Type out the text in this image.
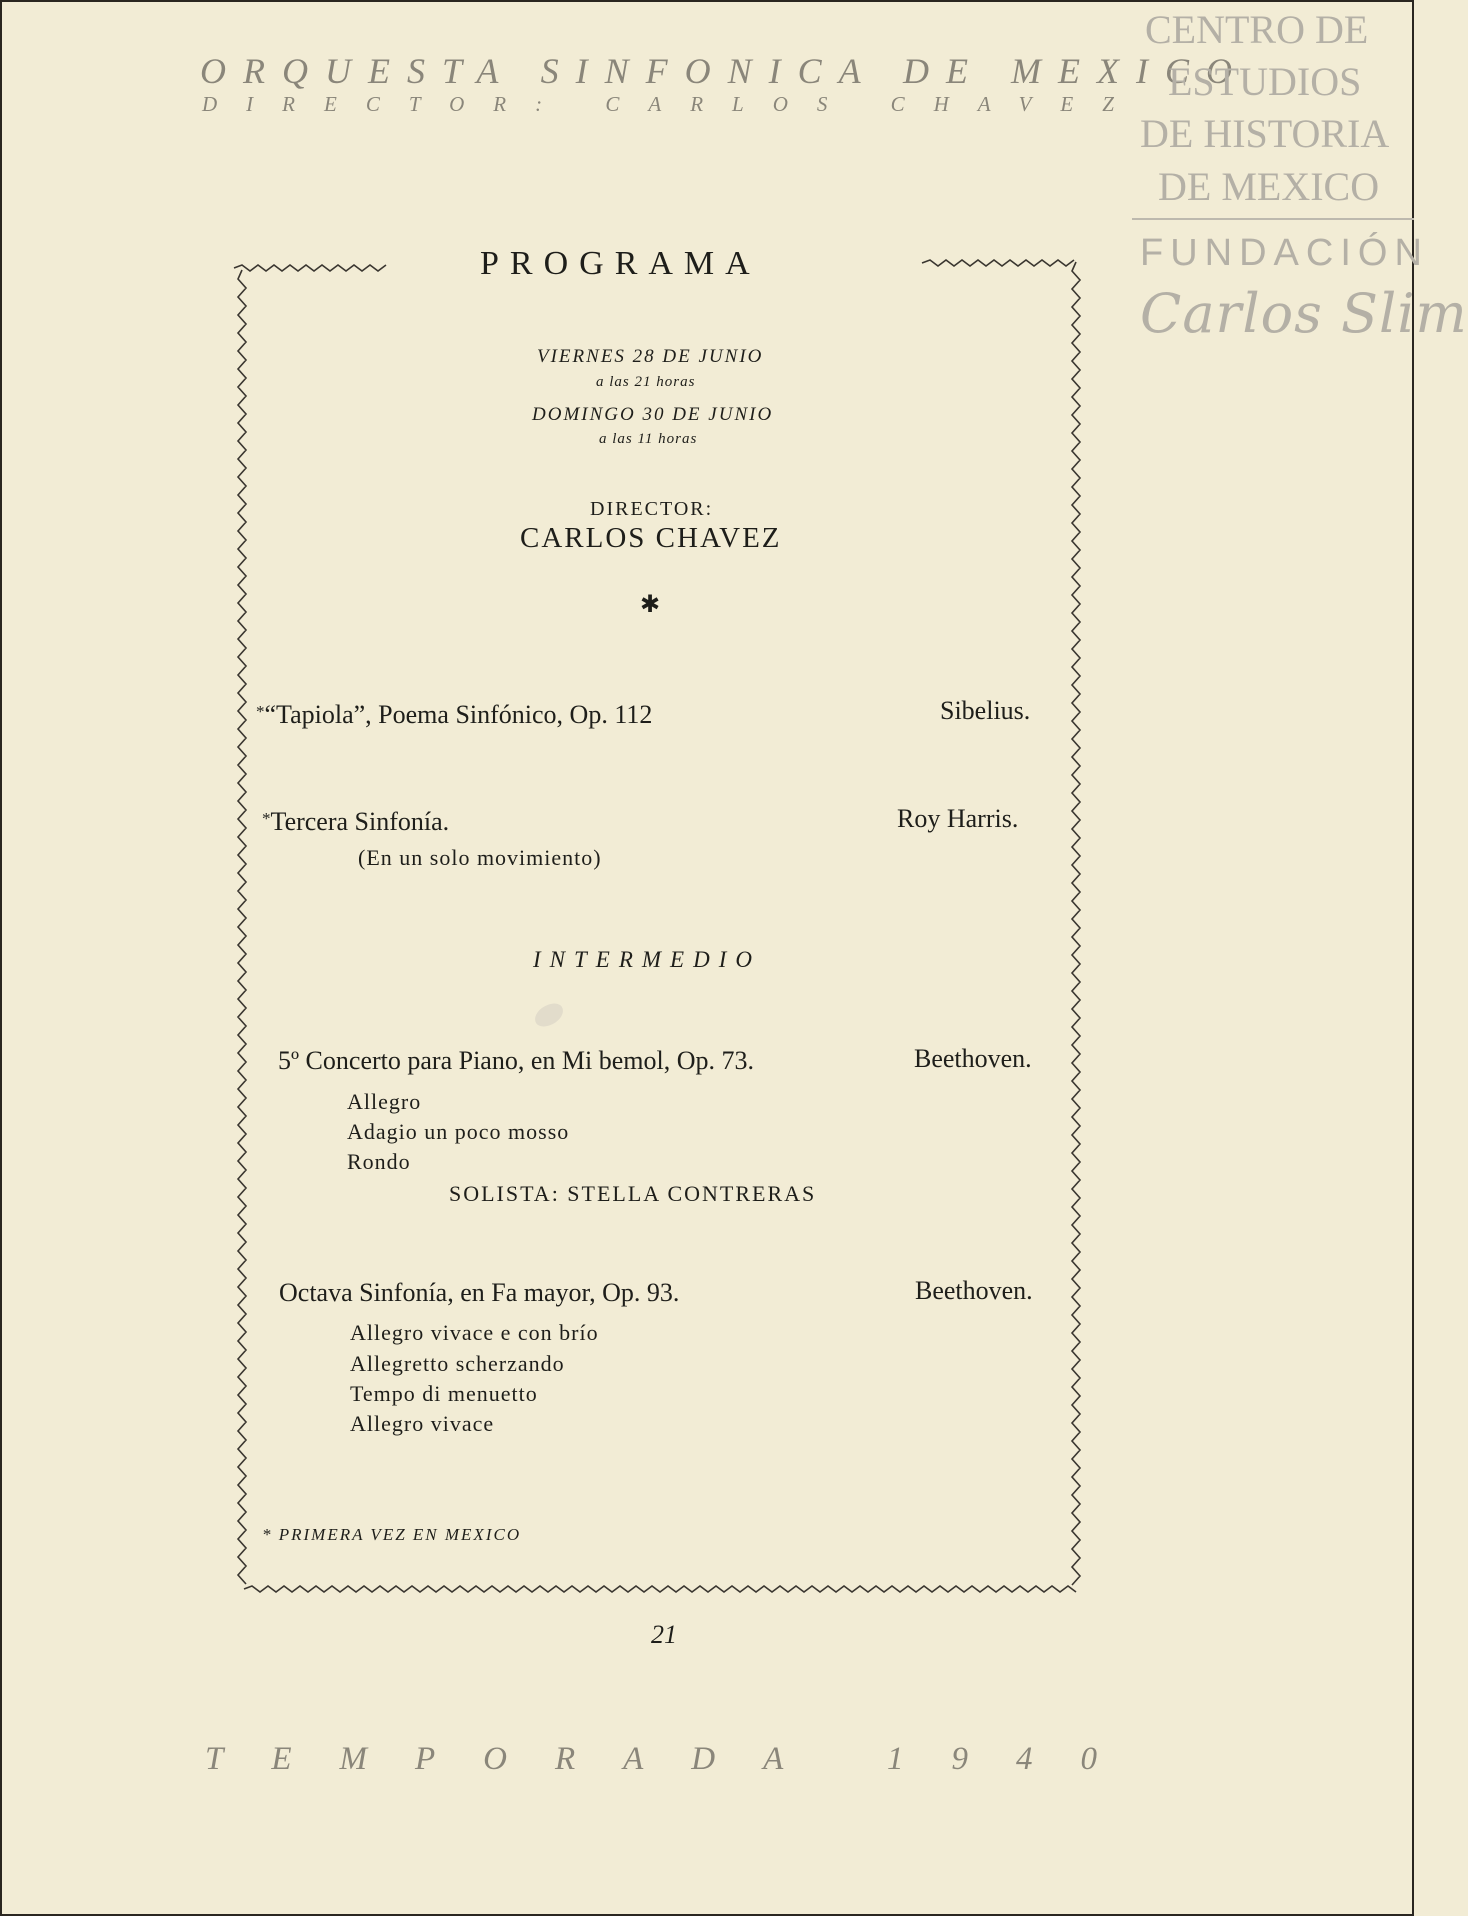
ORQUESTA SINFONICA DE MEXICO
DIRECTOR: CARLOS CHAVEZ
CENTRO DE
ESTUDIOS
DE HISTORIA
DE MEXICO
FUNDACIÓN
Carlos Slim
PROGRAMA
VIERNES 28 DE JUNIO
a las 21 horas
DOMINGO 30 DE JUNIO
a las 11 horas
DIRECTOR:
CARLOS CHAVEZ
✱
*“Tapiola”, Poema Sinfónico, Op. 112	Sibelius.
*Tercera Sinfonía.	Roy Harris.
(En un solo movimiento)
INTERMEDIO
5º Concerto para Piano, en Mi bemol, Op. 73.	Beethoven.
Allegro
Adagio un poco mosso
Rondo
SOLISTA: STELLA CONTRERAS
Octava Sinfonía, en Fa mayor, Op. 93.	Beethoven.
Allegro vivace e con brío
Allegretto scherzando
Tempo di menuetto
Allegro vivace
* PRIMERA VEZ EN MEXICO
21
TEMPORADA 1940
